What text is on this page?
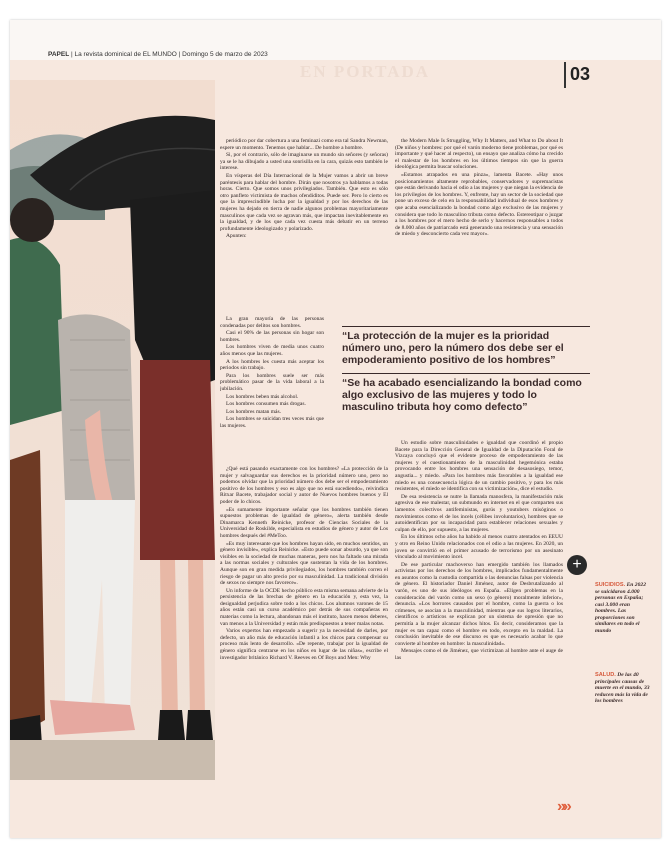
PAPEL | La revista dominical de EL MUNDO | Domingo 5 de marzo de 2023
EN PORTADA	03

periódico por dar cobertura a una feminazi como era tal Sandra Newman, espere un momento. Tenemos que hablar... De hombre a hombre.

Si, por el contrario, sólo de imaginarse un mundo sin señores (y señoras) ya se le ha dibujado a usted una sonrisilla en la cara, quizás esto también le interese.

En vísperas del Día Internacional de la Mujer vamos a abrir un breve paréntesis para hablar del hombre. Dirán que nosotros ya hablamos a todas horas. Cierto. Que somos unos privilegiados. También. Que esto es sólo otro panfleto victimista de machos ofendiditos. Puede ser. Pero lo cierto es que la imprescindible lucha por la igualdad y por los derechos de las mujeres ha dejado en tierra de nadie algunos problemas mayoritariamente masculinos que cada vez se agravan más, que impactan inevitablemente en la igualdad, y de los que cada vez cuesta más debatir en un terreno profundamente ideologizado y polarizado.

Apunten:

La gran mayoría de las personas condenadas por delitos son hombres.

Casi el 90% de las personas sin hogar son hombres.

Los hombres viven de media unos cuatro años menos que las mujeres.

A los hombres les cuesta más aceptar los periodos sin trabajo.

Para los hombres suele ser más problemático pasar de la vida laboral a la jubilación.

Los hombres beben más alcohol.

Los hombres consumen más drogas.

Los hombres matan más.

Los hombres se suicidan tres veces más que las mujeres.

¿Qué está pasando exactamente con los hombres? «La protección de la mujer y salvaguardar sus derechos es la prioridad número uno, pero no podemos olvidar que la prioridad número dos debe ser el empoderamiento positivo de los hombres y eso es algo que no está sucediendo», reivindica Ritxar Bacete, trabajador social y autor de Nuevos hombres buenos y El poder de lo chicos.

«Es sumamente importante señalar que los hombres también tienen supuestos problemas de igualdad de género», alerta también desde Dinamarca Kenneth Reinicke, profesor de Ciencias Sociales de la Universidad de Roskilde, especialista en estudios de género y autor de Los hombres después del #MeToo.

«Es muy interesante que los hombres hayan sido, en muchos sentidos, un género invisible», explica Reinicke. «Esto puede sonar absurdo, ya que son visibles en la sociedad de muchas maneras, pero nos ha faltado una mirada a las normas sociales y culturales que sustentan la vida de los hombres. Aunque son en gran medida privilegiados, los hombres también corren el riesgo de pagar un alto precio por su masculinidad. La tradicional división de sexos no siempre nos favorece».

Un informe de la OCDE hecho público esta misma semana advierte de la persistencia de las brechas de género en la educación y, esta vez, la desigualdad perjudica sobre todo a los chicos. Los alumnos varones de 15 años están casi un curso académico por detrás de sus compañeras en materias como la lectura, abandonan más el instituto, hacen menos deberes, van menos a la Universidad y están más predispuestos a tener malas notas.

Varios expertos han empezado a sugerir ya la necesidad de darles, por defecto, un año más de educación infantil a los chicos para compensar su proceso más lento de desarrollo. «De repente, trabajar por la igualdad de género significa centrarse en los niños en lugar de las niñas», escribe el investigador británico Richard V. Reeves en Of Boys and Men: Why

the Modern Male Is Struggling, Why It Matters, and What to Do about It (De niños y hombres: por qué el varón moderno tiene problemas, por qué es importante y qué hacer al respecto), un ensayo que analiza cómo ha crecido el malestar de los hombres en los últimos tiempos sin que la guerra ideológica permita buscar soluciones.

«Estamos atrapados en una pinza», lamenta Bacete. «Hay unos posicionamientos altamente reprobables, conservadores y supremacistas que están derivando hacia el odio a las mujeres y que niegan la evidencia de los privilegios de los hombres. Y, enfrente, hay un sector de la sociedad que pone un exceso de celo en la responsabilidad individual de esos hombres y que acaba esencializando la bondad como algo exclusivo de las mujeres y considera que todo lo masculino tributa como defecto. Estereotipar o juzgar a los hombres por el mero hecho de serlo y hacernos responsables a todos de 8.000 años de patriarcado está generando una resistencia y una sensación de miedo y desconcierto cada vez mayor».

“La protección de la mujer es la prioridad número uno, pero la número dos debe ser el empoderamiento positivo de los hombres”
“Se ha acabado esencializando la bondad como algo exclusivo de las mujeres y todo lo masculino tributa hoy como defecto”

Un estudio sobre masculinidades e igualdad que coordinó el propio Bacete para la Dirección General de Igualdad de la Diputación Foral de Vizcaya concluyó que el evidente proceso de empoderamiento de las mujeres y el cuestionamiento de la masculinidad hegemónica estaba provocando entre los hombres una sensación de desasosiego, temor, angustia... y miedo. «Para los hombres más favorables a la igualdad ese miedo es una consecuencia lógica de un cambio positivo, y para los más resistentes, el miedo se identifica con su victimización», dice el estudio.

De esa resistencia se nutre la llamada manosfera, la manifestación más agresiva de ese malestar, un submundo en internet en el que comparten sus lamentos colectivos antifeministas, gurús y youtubers misóginos o movimientos como el de los incels (célibes involuntarios), hombres que se autoidentifican por su incapacidad para establecer relaciones sexuales y culpan de ello, por supuesto, a las mujeres.

En los últimos ocho años ha habido al menos cuatro atentados en EEUU y otro en Reino Unido relacionados con el odio a las mujeres. En 2020, un joven se convirtió en el primer acusado de terrorismo por un asesinato vinculado al movimiento incel.

De ese particular machoverso han emergido también los llamados activistas por los derechos de los hombres, implicados fundamentalmente en asuntos como la custodia compartida o las denuncias falsas por violencia de género. El historiador Daniel Jiménez, autor de Desbrutalizando al varón, es uno de sus ideólogos en España. «Eligen problemas en la consideración del varón como un sexo (o género) moralmente inferior», denuncia. «Los horrores causados por el hombre, como la guerra o los crímenes, se asocian a la masculinidad, mientras que sus logros literarios, científicos o artísticos se explican por un sistema de opresión que no permitía a la mujer alcanzar dichos hitos. Es decir, consideramos que la mujer es tan capaz como el hombre en todo, excepto en la maldad. La conclusión inevitable de ese discurso es que es necesario acabar lo que convierte al hombre en hombre: la masculinidad».

Mensajes como el de Jiménez, que victimizan al hombre ante el auge de las

+
SUICIDIOS. En 2022 se suicidaron 4.000 personas en España; casi 3.000 eran hombres. Las proporciones son similares en todo el mundo
SALUD. De las 40 principales causas de muerte en el mundo, 33 reducen más la vida de los hombres
»»
